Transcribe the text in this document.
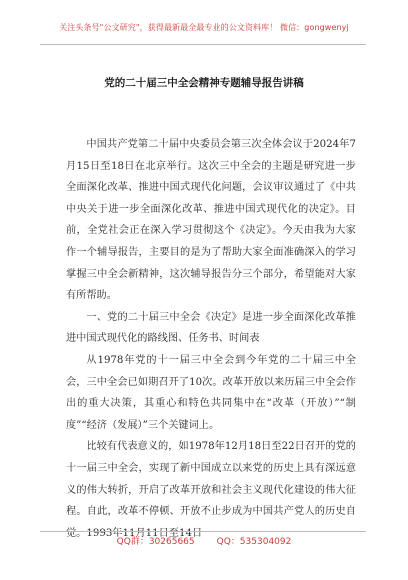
关注头条号"公文研究"，获得最新最全最专业的公文资料库！ 微信：gongwenyj
党的二十届三中全会精神专题辅导报告讲稿

中国共产党第二十届中央委员会第三次全体会议于2024年7月15日至18日在北京举行。这次三中全会的主题是研究进一步全面深化改革、推进中国式现代化问题，会议审议通过了《中共中央关于进一步全面深化改革、推进中国式现代化的决定》。目前，全党社会正在深入学习贯彻这个《决定》。今天由我为大家作一个辅导报告，主要目的是为了帮助大家全面准确深入的学习掌握三中全会新精神，这次辅导报告分三个部分，希望能对大家有所帮助。

一、党的二十届三中全会《决定》是进一步全面深化改革推进中国式现代化的路线图、任务书、时间表

从1978年党的十一届三中全会到今年党的二十届三中全会，三中全会已如期召开了10次。改革开放以来历届三中全会作出的重大决策，其重心和特色共同集中在“改革（开放）”“制度”“经济（发展）”三个关键词上。

比较有代表意义的，如1978年12月18日至22日召开的党的十一届三中全会，实现了新中国成立以来党的历史上具有深远意义的伟大转折，开启了改革开放和社会主义现代化建设的伟大征程。自此，改革不停顿、开放不止步成为中国共产党人的历史自觉。1993年11月11日至14日

QQ群：30265665 QQ：535304092
